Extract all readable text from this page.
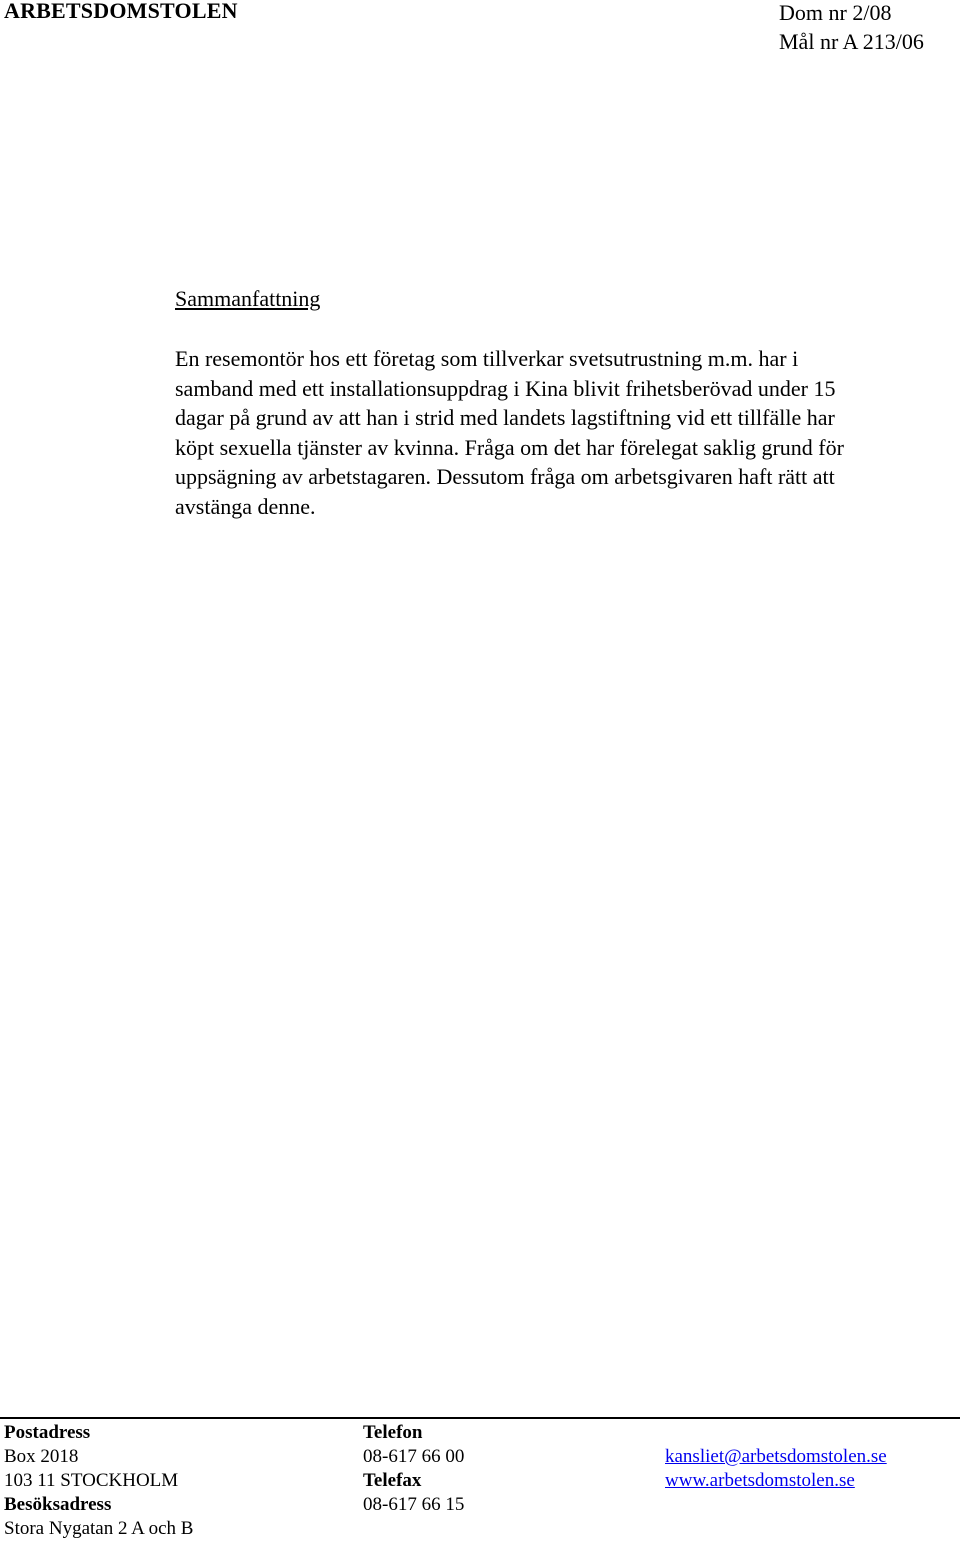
ARBETSDOMSTOLEN	Dom nr 2/08
Mål nr A 213/06
Sammanfattning
En resemontör hos ett företag som tillverkar svetsutrustning m.m. har i
samband med ett installationsuppdrag i Kina blivit frihetsberövad under 15
dagar på grund av att han i strid med landets lagstiftning vid ett tillfälle har
köpt sexuella tjänster av kvinna. Fråga om det har förelegat saklig grund för
uppsägning av arbetstagaren. Dessutom fråga om arbetsgivaren haft rätt att
avstänga denne.
Postadress
Box 2018
103 11 STOCKHOLM
Besöksadress
Stora Nygatan 2 A och B
Telefon
08-617 66 00
Telefax
08-617 66 15
kansliet@arbetsdomstolen.se
www.arbetsdomstolen.se
